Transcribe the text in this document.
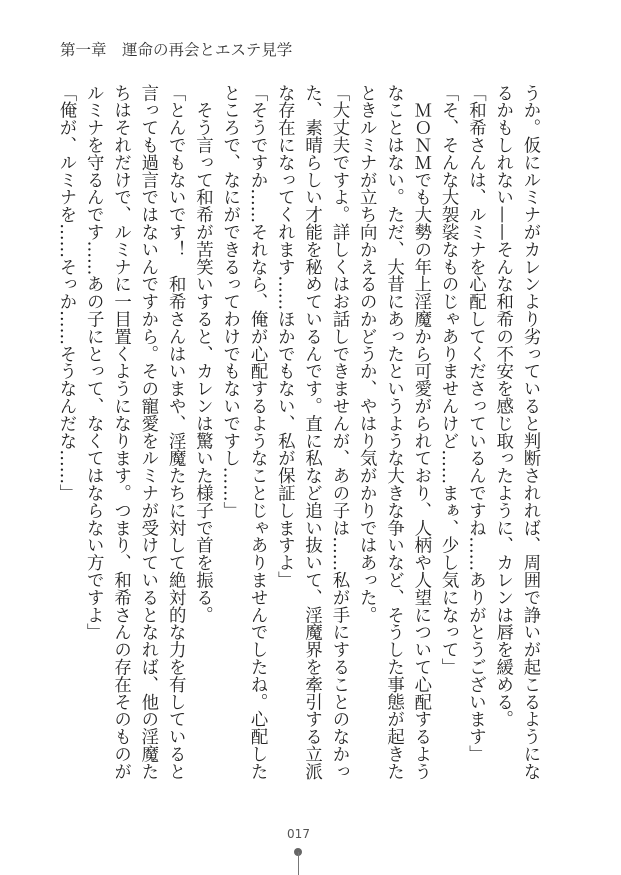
第一章　運命の再会とエステ見学
うか。仮にルミナがカレンより劣っていると判断されれば、周囲で諍いが起こるようにな
るかもしれない——そんな和希の不安を感じ取ったように、カレンは唇を緩める。
「和希さんは、ルミナを心配してくださっているんですね……ありがとうございます」
「そ、そんな大袈裟なものじゃありませんけど……まぁ、少し気になって」
　ＭＯＮＭでも大勢の年上淫魔から可愛がられており、人柄や人望について心配するよう
なことはない。ただ、大昔にあったというような大きな争いなど、そうした事態が起きた
ときルミナが立ち向かえるのかどうか、やはり気がかりではあった。
「大丈夫ですよ。詳しくはお話しできませんが、あの子は……私が手にすることのなかっ
た、素晴らしい才能を秘めているんです。直に私など追い抜いて、淫魔界を牽引する立派
な存在になってくれます……ほかでもない、私が保証しますよ」
「そうですか……それなら、俺が心配するようなことじゃありませんでしたね。心配した
ところで、なにができるってわけでもないですし……」
　そう言って和希が苦笑いすると、カレンは驚いた様子で首を振る。
「とんでもないです！　和希さんはいまや、淫魔たちに対して絶対的な力を有していると
言っても過言ではないんですから。その寵愛をルミナが受けているとなれば、他の淫魔た
ちはそれだけで、ルミナに一目置くようになります。つまり、和希さんの存在そのものが
ルミナを守るんです……あの子にとって、なくてはならない方ですよ」
「俺が、ルミナを……そっか……そうなんだな……」
017
